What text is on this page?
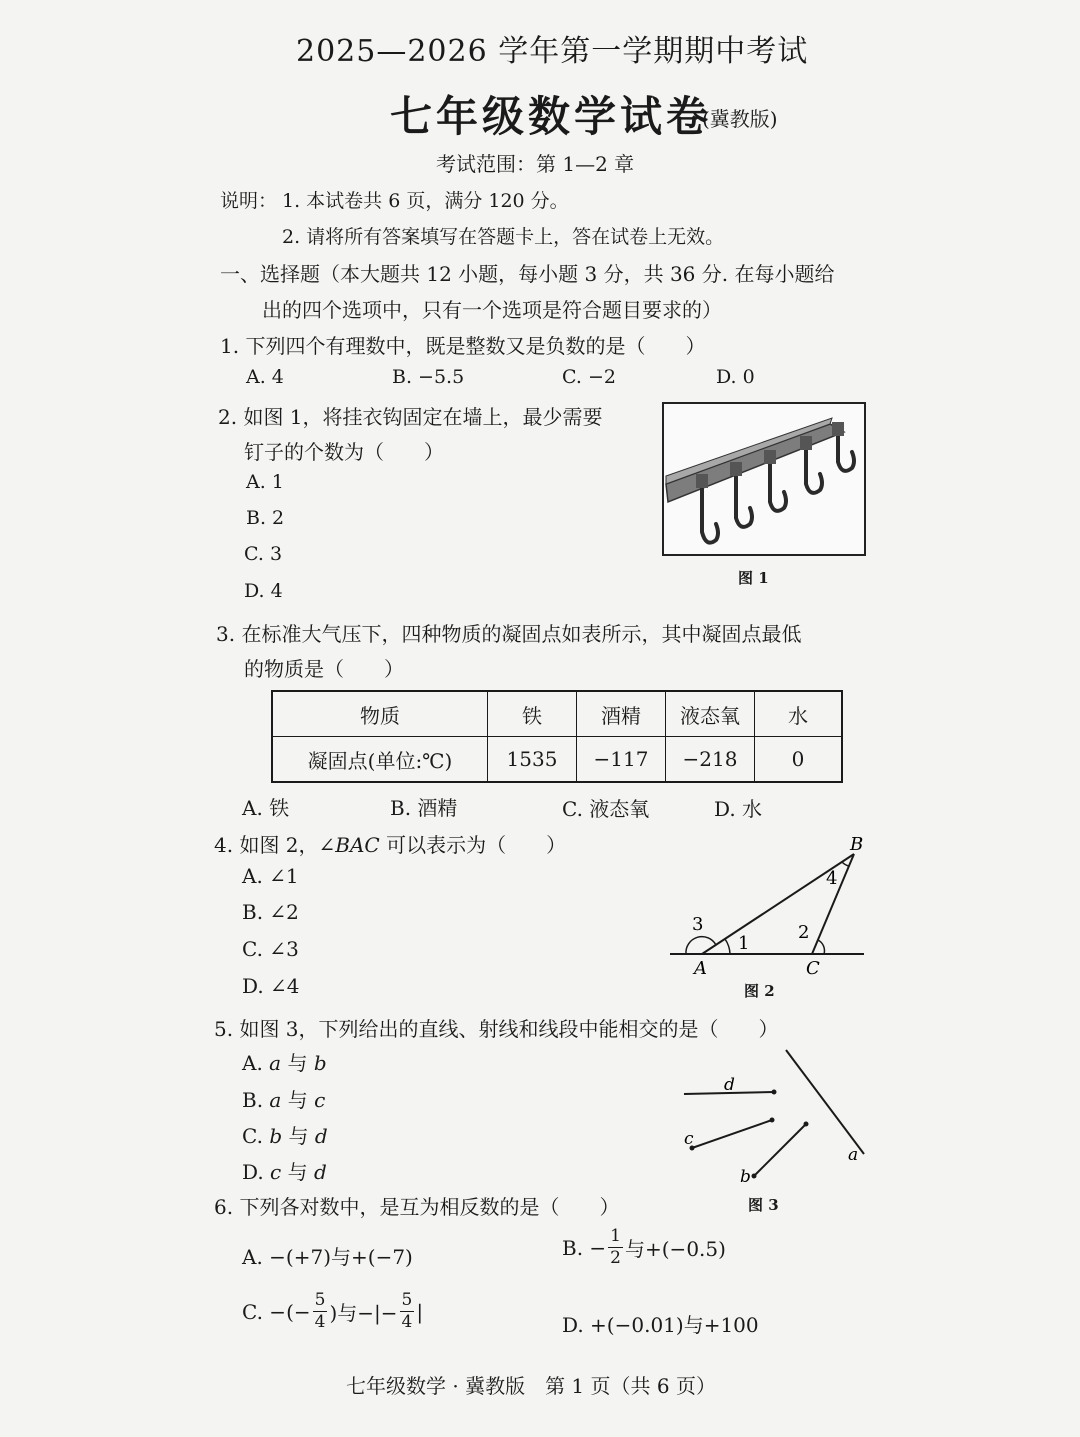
2025—2026 学年第一学期期中考试
七年级数学试卷
(冀教版)
考试范围：第 1—2 章
说明： 1. 本试卷共 6 页，满分 120 分。
2. 请将所有答案填写在答题卡上，答在试卷上无效。
一、选择题（本大题共 12 小题，每小题 3 分，共 36 分. 在每小题给
出的四个选项中，只有一个选项是符合题目要求的）
1. 下列四个有理数中，既是整数又是负数的是（　　）
A. 4	B. −5.5	C. −2	D. 0
2. 如图 1，将挂衣钩固定在墙上，最少需要
钉子的个数为（　　）
A. 1
B. 2
C. 3
D. 4
图 1
3. 在标准大气压下，四种物质的凝固点如表所示，其中凝固点最低
的物质是（　　）
物质	铁	酒精	液态氧	水
凝固点(单位:℃)	1535	−117	−218	0
A. 铁	B. 酒精	C. 液态氧	D. 水
4. 如图 2，∠BAC 可以表示为（　　）
A. ∠1
B. ∠2
C. ∠3
D. ∠4
A
B
C
1
2
3
4
图 2
5. 如图 3，下列给出的直线、射线和线段中能相交的是（　　）
A. a 与 b
B. a 与 c
C. b 与 d
D. c 与 d
a
b
c
d
图 3
6. 下列各对数中，是互为相反数的是（　　）
A. −(+7)与+(−7)	B. − $\frac{1}{2}$ 与+(−0.5)
C. −(− $\frac{5}{4}$ )与−|− $\frac{5}{4}$ |
D. +(−0.01)与+100
七年级数学 · 冀教版　第 1 页（共 6 页）
